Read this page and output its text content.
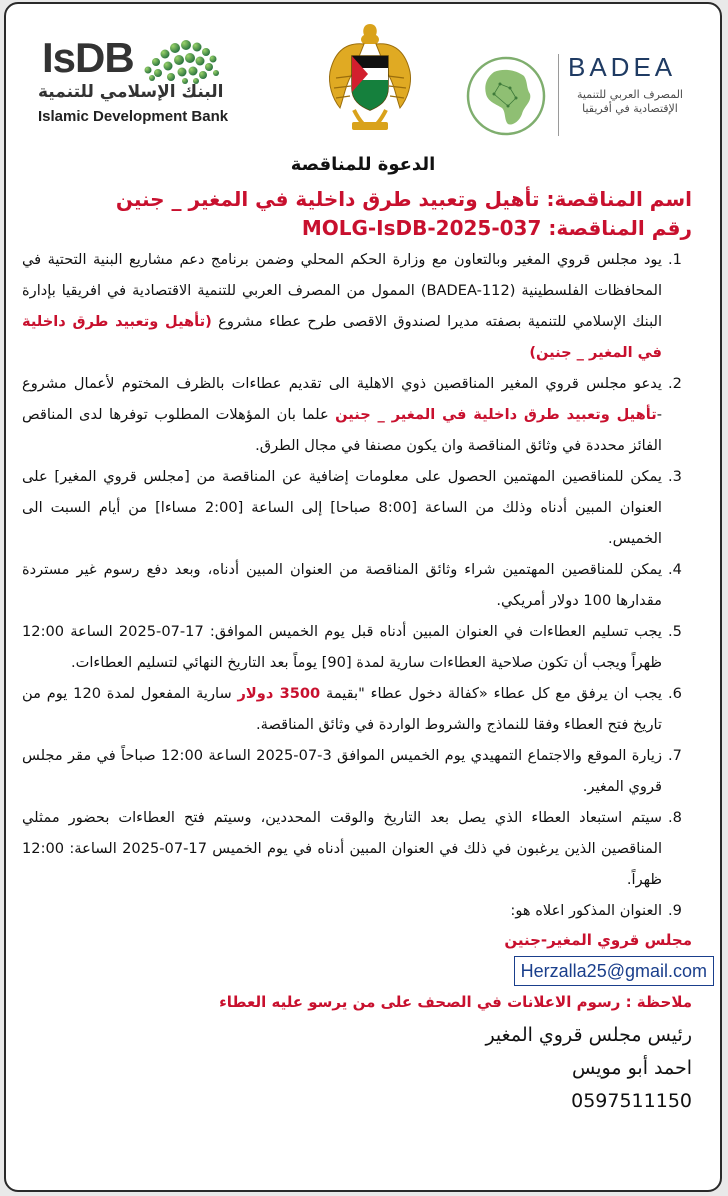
IsDB
البنك الإسلامي للتنمية
Islamic Development Bank
BADEA
المصرف العربي للتنمية الإقتصادية في أفريقيا
الدعوة للمناقصة
اسم المناقصة: تأهيل وتعبيد طرق داخلية في المغير _ جنين
رقم المناقصة: MOLG-IsDB-2025-037
1.
يود مجلس قروي المغير وبالتعاون مع وزارة الحكم المحلي وضمن برنامج دعم مشاريع البنية التحتية في المحافظات الفلسطينية (BADEA-112) الممول من المصرف العربي للتنمية الاقتصادية في افريقيا بإدارة البنك الإسلامي للتنمية بصفته مديرا لصندوق الاقصى طرح عطاء مشروع (تأهيل وتعبيد طرق داخلية في المغير _ جنين)
2.
يدعو مجلس قروي المغير المناقصين ذوي الاهلية الى تقديم عطاءات بالظرف المختوم لأعمال مشروع -تأهيل وتعبيد طرق داخلية في المغير _ جنين علما بان المؤهلات المطلوب توفرها لدى المناقص الفائز محددة في وثائق المناقصة وان يكون مصنفا في مجال الطرق.
3.
يمكن للمناقصين المهتمين الحصول على معلومات إضافية عن المناقصة من [مجلس قروي المغير] على العنوان المبين أدناه وذلك من الساعة [8:00 صباحا] إلى الساعة [2:00 مساءا] من أيام السبت الى الخميس.
4.
يمكن للمناقصين المهتمين شراء وثائق المناقصة من العنوان المبين أدناه، وبعد دفع رسوم غير مستردة مقدارها 100 دولار أمريكي.
5.
يجب تسليم العطاءات في العنوان المبين أدناه قبل يوم الخميس الموافق: 17-07-2025 الساعة 12:00 ظهراً ويجب أن تكون صلاحية العطاءات سارية لمدة [90] يوماً بعد التاريخ النهائي لتسليم العطاءات.
6.
يجب ان يرفق مع كل عطاء «كفالة دخول عطاء "بقيمة 3500 دولار سارية المفعول لمدة 120 يوم من تاريخ فتح العطاء وفقا للنماذج والشروط الواردة في وثائق المناقصة.
7.
زيارة الموقع والاجتماع التمهيدي يوم الخميس الموافق 3-07-2025 الساعة 12:00 صباحاً في مقر مجلس قروي المغير.
8.
سيتم استبعاد العطاء الذي يصل بعد التاريخ والوقت المحددين، وسيتم فتح العطاءات بحضور ممثلي المناقصين الذين يرغبون في ذلك في العنوان المبين أدناه في يوم الخميس 17-07-2025 الساعة: 12:00 ظهراً.
9.
العنوان المذكور اعلاه هو:
مجلس قروي المغير-جنين
Herzalla25@gmail.com
ملاحظة : رسوم الاعلانات في الصحف على من يرسو عليه العطاء
رئيس مجلس قروي المغير
احمد أبو مويس
0597511150
